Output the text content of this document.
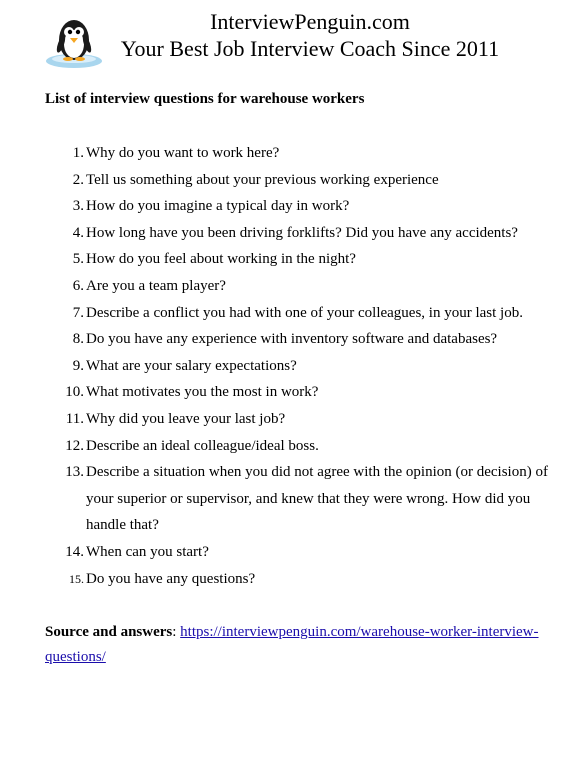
InterviewPenguin.com
Your Best Job Interview Coach Since 2011
List of interview questions for warehouse workers
1. Why do you want to work here?
2. Tell us something about your previous working experience
3. How do you imagine a typical day in work?
4. How long have you been driving forklifts? Did you have any accidents?
5. How do you feel about working in the night?
6. Are you a team player?
7. Describe a conflict you had with one of your colleagues, in your last job.
8. Do you have any experience with inventory software and databases?
9. What are your salary expectations?
10. What motivates you the most in work?
11. Why did you leave your last job?
12. Describe an ideal colleague/ideal boss.
13. Describe a situation when you did not agree with the opinion (or decision) of your superior or supervisor, and knew that they were wrong. How did you handle that?
14. When can you start?
15. Do you have any questions?
Source and answers: https://interviewpenguin.com/warehouse-worker-interview-questions/
